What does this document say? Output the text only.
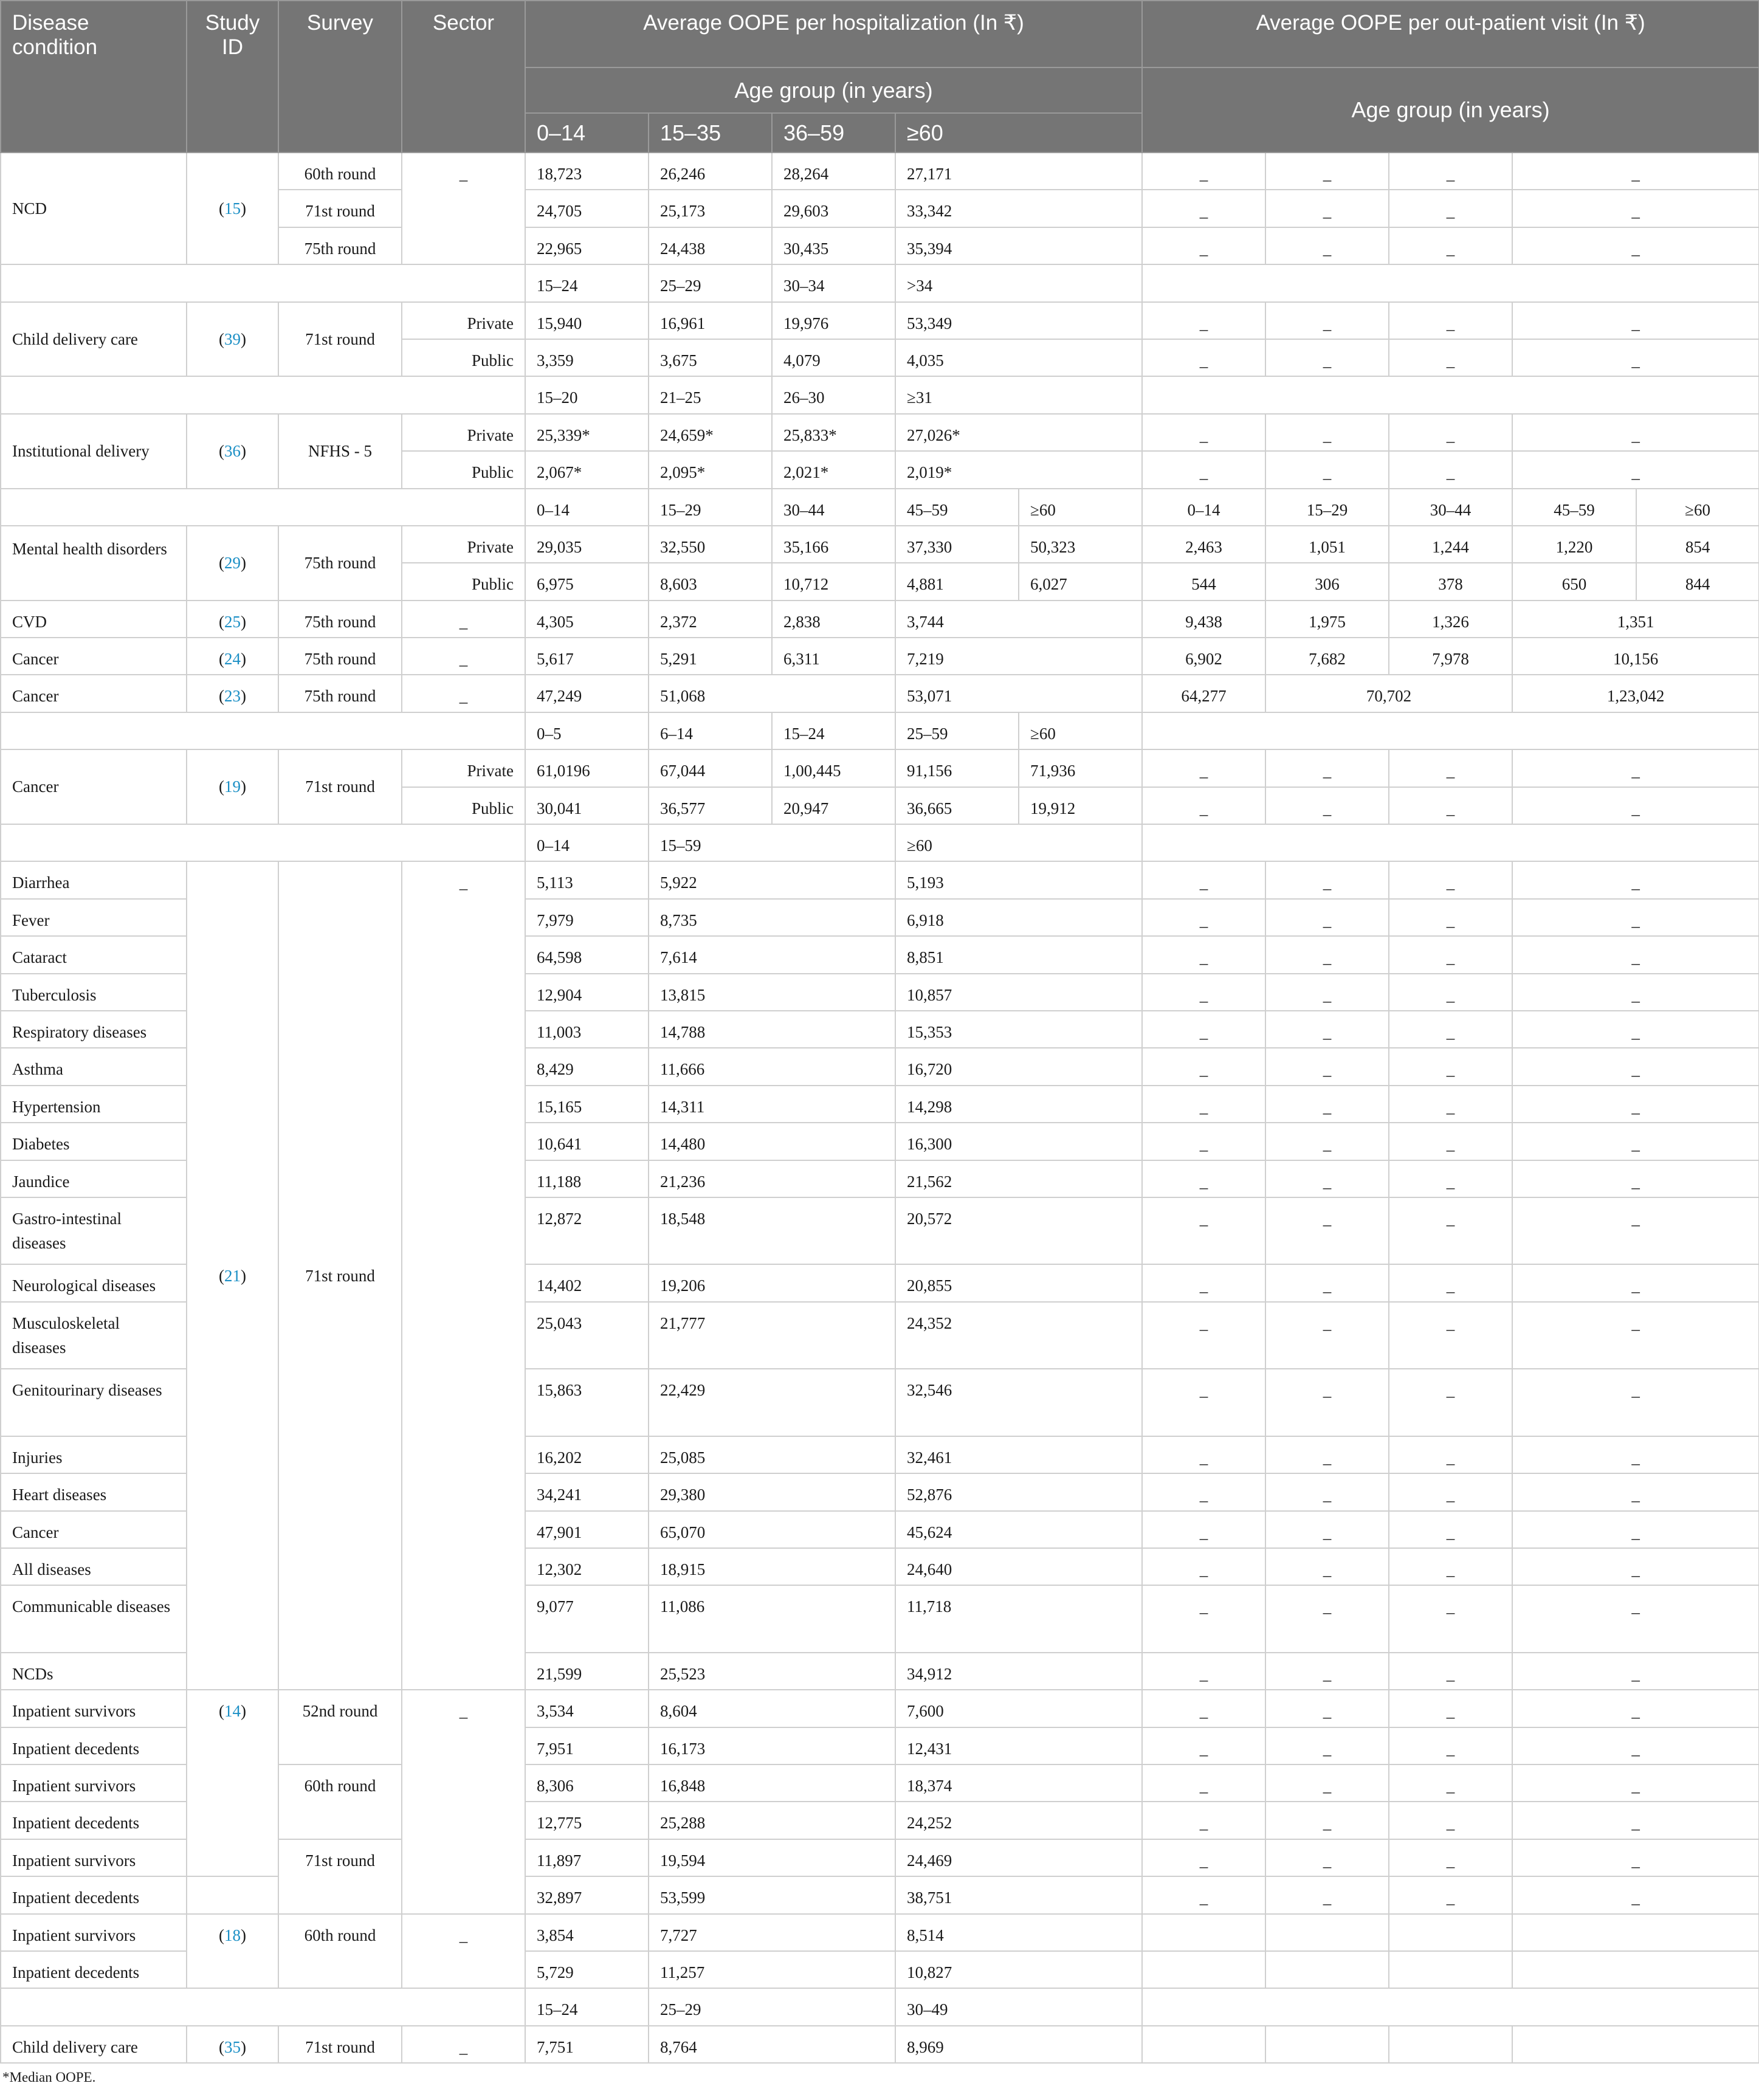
Disease condition	Study ID	Survey	Sector	Average OOPE per hospitalization (In ₹)					Average OOPE per out-patient visit (In ₹)				
				Age group (in years)					Age group (in years)				
				0–14	15–35	36–59	≥60						
NCD	(15)	60th round	_	18,723	26,246	28,264	27,171		_	_	_	_	
		71st round		24,705	25,173	29,603	33,342		_	_	_	_	
		75th round		22,965	24,438	30,435	35,394		_	_	_	_	
				15–24	25–29	30–34	>34						
Child delivery care	(39)	71st round	Private	15,940	16,961	19,976	53,349		_	_	_	_	
			Public	3,359	3,675	4,079	4,035		_	_	_	_	
				15–20	21–25	26–30	≥31						
Institutional delivery	(36)	NFHS - 5	Private	25,339*	24,659*	25,833*	27,026*		_	_	_	_	
			Public	2,067*	2,095*	2,021*	2,019*		_	_	_	_	
				0–14	15–29	30–44	45–59	≥60	0–14	15–29	30–44	45–59	≥60
Mental health disorders	(29)	75th round	Private	29,035	32,550	35,166	37,330	50,323	2,463	1,051	1,244	1,220	854
			Public	6,975	8,603	10,712	4,881	6,027	544	306	378	650	844
CVD	(25)	75th round	_	4,305	2,372	2,838	3,744		9,438	1,975	1,326	1,351	
Cancer	(24)	75th round	_	5,617	5,291	6,311	7,219		6,902	7,682	7,978	10,156	
Cancer	(23)	75th round	_	47,249	51,068		53,071		64,277	70,702		1,23,042	
				0–5	6–14	15–24	25–59	≥60					
Cancer	(19)	71st round	Private	61,0196	67,044	1,00,445	91,156	71,936	_	_	_	_	
			Public	30,041	36,577	20,947	36,665	19,912	_	_	_	_	
				0–14	15–59		≥60						
Diarrhea	(21)	71st round	_	5,113	5,922		5,193		_	_	_	_	
Fever				7,979	8,735		6,918		_	_	_	_	
Cataract				64,598	7,614		8,851		_	_	_	_	
Tuberculosis				12,904	13,815		10,857		_	_	_	_	
Respiratory diseases				11,003	14,788		15,353		_	_	_	_	
Asthma				8,429	11,666		16,720		_	_	_	_	
Hypertension				15,165	14,311		14,298		_	_	_	_	
Diabetes				10,641	14,480		16,300		_	_	_	_	
Jaundice				11,188	21,236		21,562		_	_	_	_	
Gastro-intestinal diseases				12,872	18,548		20,572		_	_	_	_	
Neurological diseases				14,402	19,206		20,855		_	_	_	_	
Musculoskeletal diseases				25,043	21,777		24,352		_	_	_	_	
Genitourinary diseases				15,863	22,429		32,546		_	_	_	_	
Injuries				16,202	25,085		32,461		_	_	_	_	
Heart diseases				34,241	29,380		52,876		_	_	_	_	
Cancer				47,901	65,070		45,624		_	_	_	_	
All diseases				12,302	18,915		24,640		_	_	_	_	
Communicable diseases				9,077	11,086		11,718		_	_	_	_	
NCDs				21,599	25,523		34,912		_	_	_	_	
Inpatient survivors	(14)	52nd round	_	3,534	8,604		7,600		_	_	_	_	
Inpatient decedents				7,951	16,173		12,431		_	_	_	_	
Inpatient survivors		60th round		8,306	16,848		18,374		_	_	_	_	
Inpatient decedents				12,775	25,288		24,252		_	_	_	_	
Inpatient survivors		71st round		11,897	19,594		24,469		_	_	_	_	
Inpatient decedents				32,897	53,599		38,751		_	_	_	_	
Inpatient survivors	(18)	60th round	_	3,854	7,727		8,514						
Inpatient decedents				5,729	11,257		10,827						
				15–24	25–29		30–49						
Child delivery care	(35)	71st round	_	7,751	8,764		8,969						
*Median OOPE.
